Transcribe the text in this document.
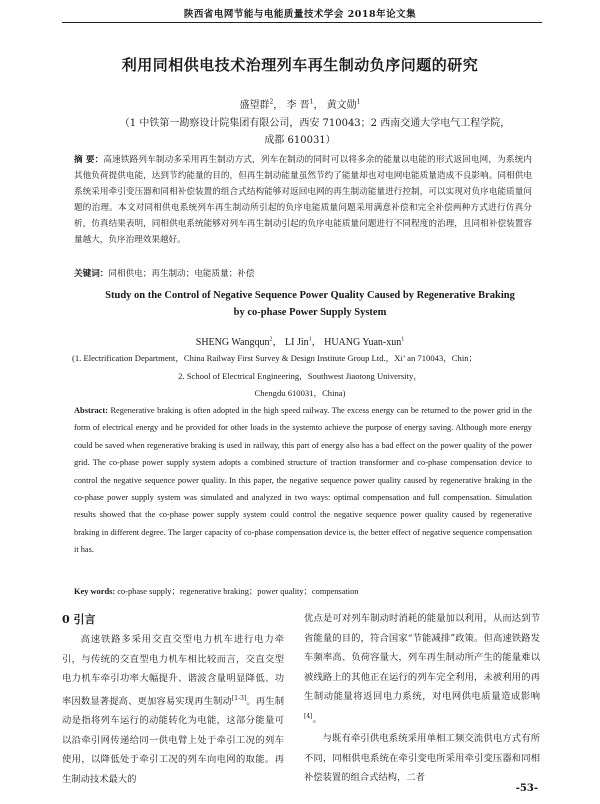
陕西省电网节能与电能质量技术学会 2018年论文集
利用同相供电技术治理列车再生制动负序问题的研究
盛望群$^2$， 李 晋$^1$， 黄文勋$^1$
（1 中铁第一勘察设计院集团有限公司，西安 710043；2 西南交通大学电气工程学院，
成都 610031）
摘 要：高速铁路列车制动多采用再生制动方式，列车在制动的同时可以将多余的能量以电能的形式返回电网，为系统内其他负荷提供电能，达到节约能量的目的，但再生制动能量虽然节约了能量却也对电网电能质量造成不良影响。同相供电系统采用牵引变压器和同相补偿装置的组合式结构能够对返回电网的再生制动能量进行控制，可以实现对负序电能质量问题的治理。本文对同相供电系统列车再生制动所引起的负序电能质量问题采用满意补偿和完全补偿两种方式进行仿真分析，仿真结果表明，同相供电系统能够对列车再生制动引起的负序电能质量问题进行不同程度的治理，且同相补偿装置容量越大，负序治理效果越好。
关键词：同相供电；再生制动；电能质量；补偿
Study on the Control of Negative Sequence Power Quality Caused by Regenerative Braking
by co-phase Power Supply System
SHENG Wangqun$^2$， LI Jin$^1$， HUANG Yuan-xun$^1$
(1. Electrification Department，China Railway First Survey & Design Institute Group Ltd.，Xi’ an 710043，Chin；
2. School of Electrical Engineering，Southwest Jiaotong University，
Chengdu 610031，China)
Abstract: Regenerative braking is often adopted in the high speed railway. The excess energy can be returned to the power grid in the form of electrical energy and be provided for other loads in the systemto achieve the purpose of energy saving. Although more energy could be saved when regenerative braking is used in railway, this part of energy also has a bad effect on the power quality of the power grid. The co-phase power supply system adopts a combined structure of traction transformer and co-phase compensation device to control the negative sequence power quality. In this paper, the negative sequence power quality caused by regenerative braking in the co-phase power supply system was simulated and analyzed in two ways: optimal compensation and full compensation. Simulation results showed that the co-phase power supply system could control the negative sequence power quality caused by regenerative braking in different degree. The larger capacity of co-phase compensation device is, the better effect of negative sequence compensation it has.
Key words: co-phase supply；regenerative braking；power quality；compensation
0 引言
高速铁路多采用交直交型电力机车进行电力牵引，与传统的交直型电力机车相比较而言，交直交型电力机车牵引功率大幅提升、谐波含量明显降低、功率因数显著提高、更加容易实现再生制动[1-3]。再生制动是指将列车运行的动能转化为电能，这部分能量可以沿牵引网传递给同一供电臂上处于牵引工况的列车使用，以降低处于牵引工况的列车向电网的取能。再生制动技术最大的

优点是可对列车制动时消耗的能量加以利用，从而达到节省能量的目的，符合国家“节能减排”政策。但高速铁路发车频率高、负荷容量大，列车再生制动所产生的能量难以被线路上的其他正在运行的列车完全利用，未被利用的再生制动能量将返回电力系统，对电网供电质量造成影响[4]。

与既有牵引供电系统采用单相工频交流供电方式有所不同，同相供电系统在牵引变电所采用牵引变压器和同相补偿装置的组合式结构，二者

-53-
